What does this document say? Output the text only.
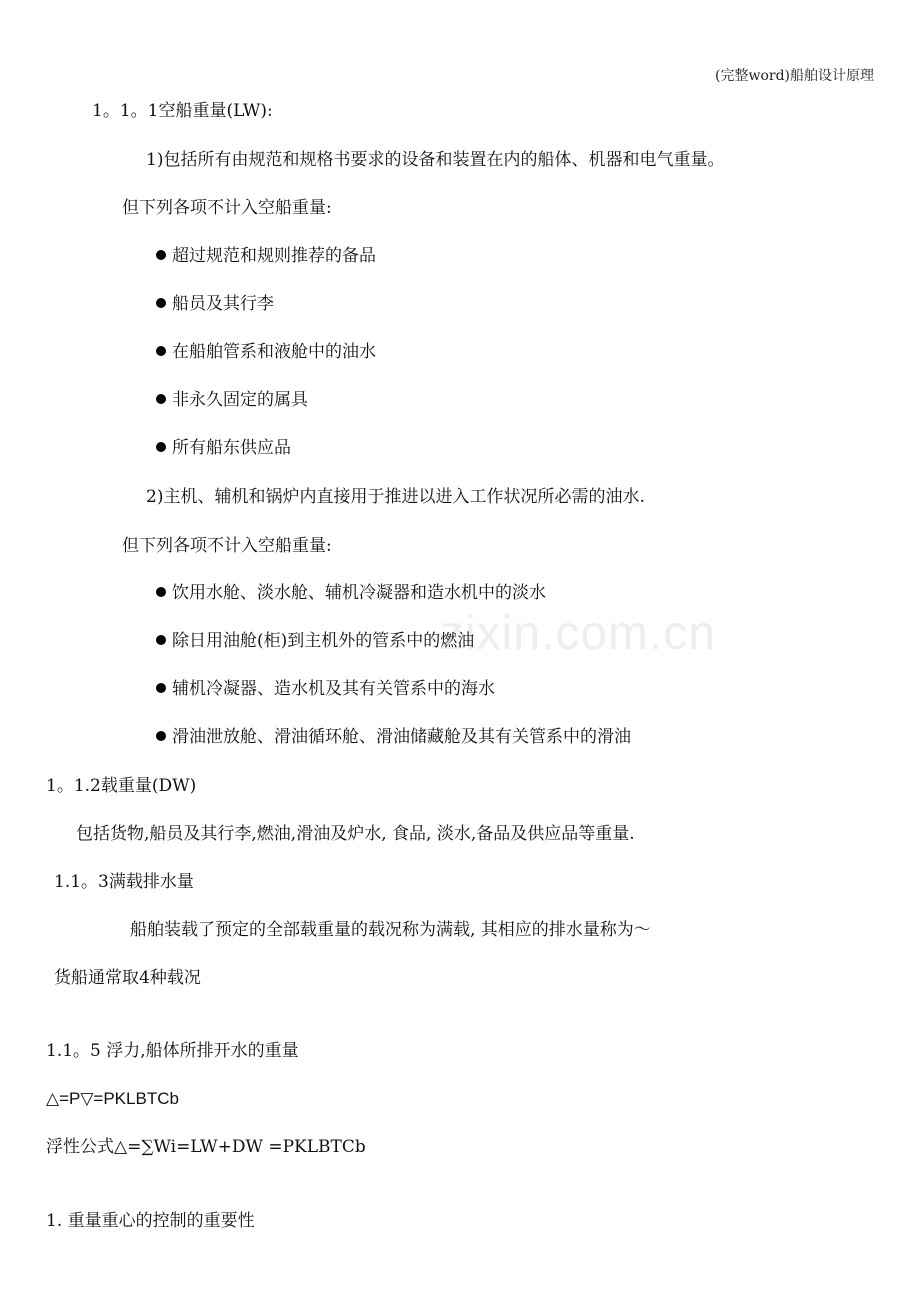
(完整word)船舶设计原理
zixin.com.cn
1。1。1空船重量(LW):
1)包括所有由规范和规格书要求的设备和装置在内的船体、机器和电气重量。
但下列各项不计入空船重量:
超过规范和规则推荐的备品
船员及其行李
在船舶管系和液舱中的油水
非永久固定的属具
所有船东供应品
2)主机、辅机和锅炉内直接用于推进以进入工作状况所必需的油水.
但下列各项不计入空船重量:
饮用水舱、淡水舱、辅机冷凝器和造水机中的淡水
除日用油舱(柜)到主机外的管系中的燃油
辅机冷凝器、造水机及其有关管系中的海水
滑油泄放舱、滑油循环舱、滑油储藏舱及其有关管系中的滑油
1。1.2载重量(DW)
包括货物,船员及其行李,燃油,滑油及炉水, 食品, 淡水,备品及供应品等重量.
1.1。3满载排水量
船舶装载了预定的全部载重量的载况称为满载, 其相应的排水量称为～
货船通常取4种载况
1.1。5 浮力,船体所排开水的重量
△=P▽=PKLBTCb
浮性公式△=∑Wi=LW+DW =PKLBTCb
1. 重量重心的控制的重要性
